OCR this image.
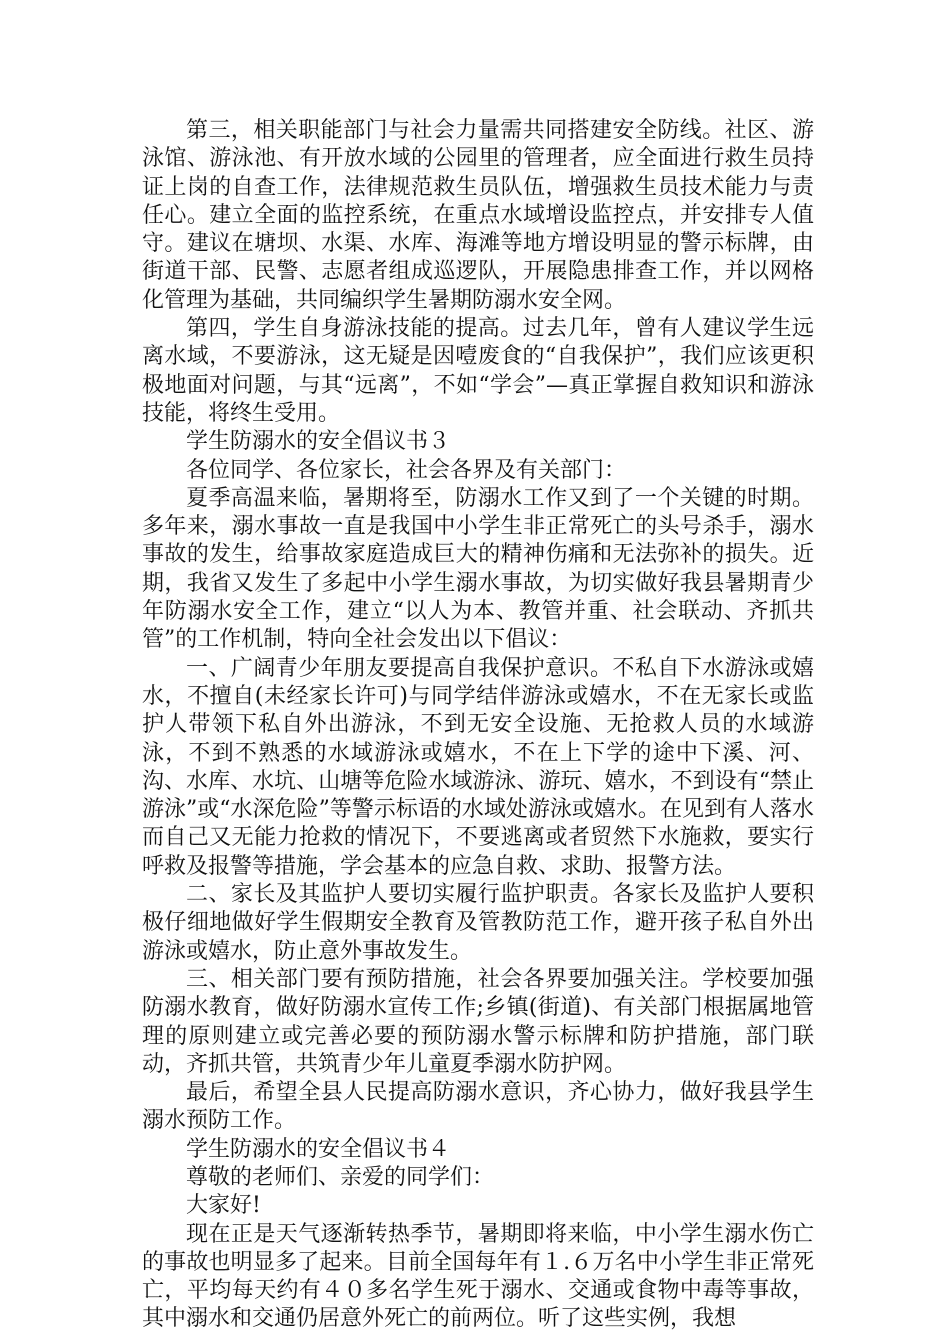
第三，相关职能部门与社会力量需共同搭建安全防线。社区、游泳馆、游泳池、有开放水域的公园里的管理者，应全面进行救生员持证上岗的自查工作，法律规范救生员队伍，增强救生员技术能力与责任心。建立全面的监控系统，在重点水域增设监控点，并安排专人值守。建议在塘坝、水渠、水库、海滩等地方增设明显的警示标牌，由街道干部、民警、志愿者组成巡逻队，开展隐患排查工作，并以网格化管理为基础，共同编织学生暑期防溺水安全网。

第四，学生自身游泳技能的提高。过去几年，曾有人建议学生远离水域，不要游泳，这无疑是因噎废食的“自我保护”，我们应该更积极地面对问题，与其“远离”，不如“学会”—真正掌握自救知识和游泳技能，将终生受用。

学生防溺水的安全倡议书３

各位同学、各位家长，社会各界及有关部门：

夏季高温来临，暑期将至，防溺水工作又到了一个关键的时期。多年来，溺水事故一直是我国中小学生非正常死亡的头号杀手，溺水事故的发生，给事故家庭造成巨大的精神伤痛和无法弥补的损失。近期，我省又发生了多起中小学生溺水事故，为切实做好我县暑期青少年防溺水安全工作，建立“以人为本、教管并重、社会联动、齐抓共管”的工作机制，特向全社会发出以下倡议：

一、广阔青少年朋友要提高自我保护意识。不私自下水游泳或嬉水，不擅自(未经家长许可)与同学结伴游泳或嬉水，不在无家长或监护人带领下私自外出游泳，不到无安全设施、无抢救人员的水域游泳，不到不熟悉的水域游泳或嬉水，不在上下学的途中下溪、河、沟、水库、水坑、山塘等危险水域游泳、游玩、嬉水，不到设有“禁止游泳”或“水深危险”等警示标语的水域处游泳或嬉水。在见到有人落水而自己又无能力抢救的情况下，不要逃离或者贸然下水施救，要实行呼救及报警等措施，学会基本的应急自救、求助、报警方法。

二、家长及其监护人要切实履行监护职责。各家长及监护人要积极仔细地做好学生假期安全教育及管教防范工作，避开孩子私自外出游泳或嬉水，防止意外事故发生。

三、相关部门要有预防措施，社会各界要加强关注。学校要加强防溺水教育，做好防溺水宣传工作;乡镇(街道)、有关部门根据属地管理的原则建立或完善必要的预防溺水警示标牌和防护措施，部门联动，齐抓共管，共筑青少年儿童夏季溺水防护网。

最后，希望全县人民提高防溺水意识，齐心协力，做好我县学生溺水预防工作。

学生防溺水的安全倡议书４

尊敬的老师们、亲爱的同学们：

大家好!

现在正是天气逐渐转热季节，暑期即将来临，中小学生溺水伤亡的事故也明显多了起来。目前全国每年有１.６万名中小学生非正常死亡，平均每天约有４０多名学生死于溺水、交通或食物中毒等事故，其中溺水和交通仍居意外死亡的前两位。听了这些实例，我想
